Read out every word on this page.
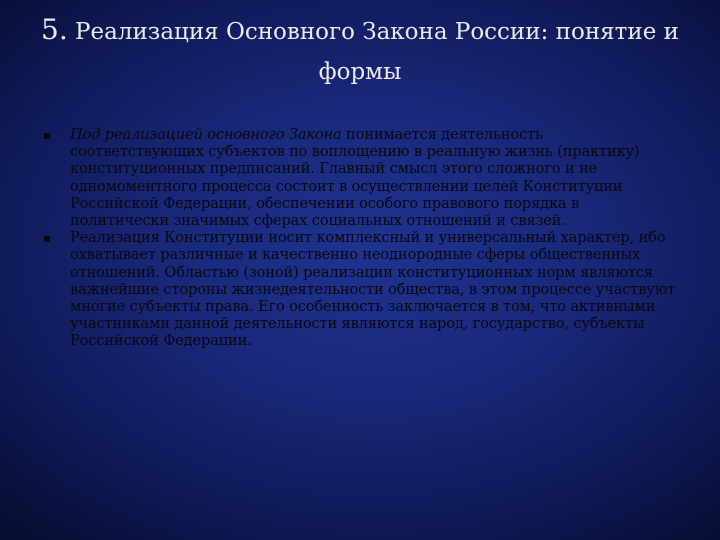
5. Реализация Основного Закона России: понятие и формы
Под реализацией основного Закона понимается деятельность соответствующих субъектов по воплощению в реальную жизнь (практику) конституционных предписаний. Главный смысл этого сложного и не одномоментного процесса состоит в осуществлении целей Конституции Российской Федерации, обеспечении особого правового порядка в политически значимых сферах социальных отношений и связей.
Реализация Конституции носит комплексный и универсальный характер, ибо охватывает различные и качественно неоднородные сферы общественных отношений. Областью (зоной) реализации конституционных норм являются важнейшие стороны жизнедеятельности общества, в этом процессе участвуют многие субъекты права. Его особенность заключается в том, что активными участниками данной деятельности являются народ, государство, субъекты Российской Федерации.
